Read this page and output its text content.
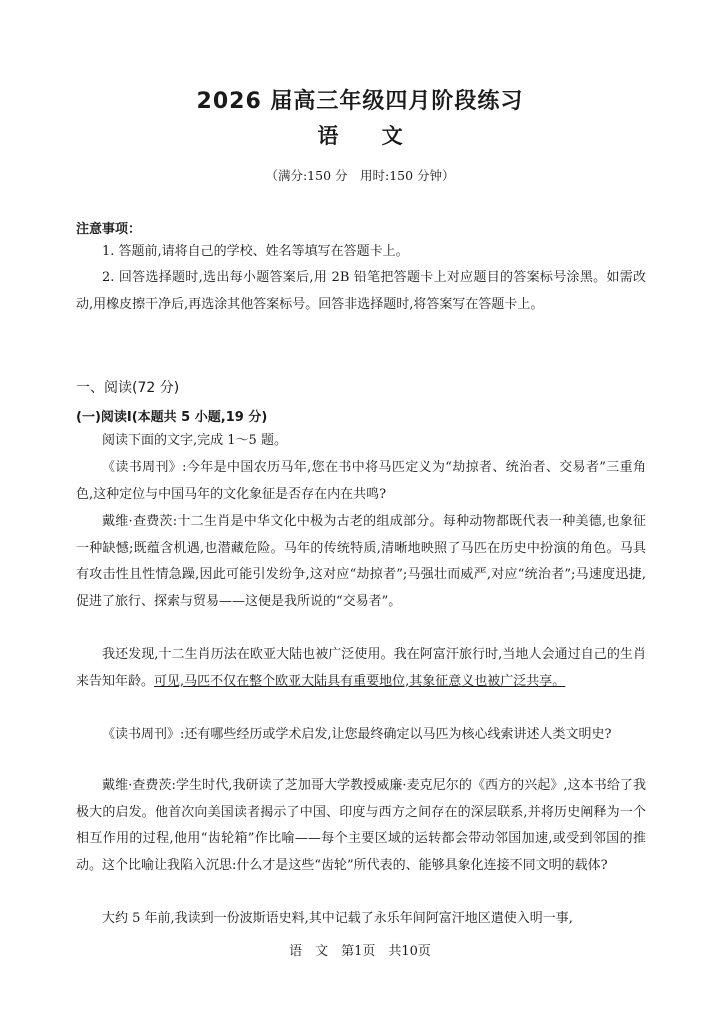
2026 届高三年级四月阶段练习
语 文
（满分:150 分　用时:150 分钟）
注意事项：

1. 答题前,请将自己的学校、姓名等填写在答题卡上。

2. 回答选择题时,选出每小题答案后,用 2B 铅笔把答题卡上对应题目的答案标号涂黑。如需改动,用橡皮擦干净后,再选涂其他答案标号。回答非选择题时,将答案写在答题卡上。

一、阅读(72 分)
(一)阅读Ⅰ(本题共 5 小题,19 分)

阅读下面的文字,完成 1～5 题。

《读书周刊》:今年是中国农历马年,您在书中将马匹定义为“劫掠者、统治者、交易者”三重角色,这种定位与中国马年的文化象征是否存在内在共鸣?

戴维·查费茨:十二生肖是中华文化中极为古老的组成部分。每种动物都既代表一种美德,也象征一种缺憾;既蕴含机遇,也潜藏危险。马年的传统特质,清晰地映照了马匹在历史中扮演的角色。马具有攻击性且性情急躁,因此可能引发纷争,这对应“劫掠者”;马强壮而威严,对应“统治者”;马速度迅捷,促进了旅行、探索与贸易——这便是我所说的“交易者”。

我还发现,十二生肖历法在欧亚大陆也被广泛使用。我在阿富汗旅行时,当地人会通过自己的生肖来告知年龄。可见,马匹不仅在整个欧亚大陆具有重要地位,其象征意义也被广泛共享。

《读书周刊》:还有哪些经历或学术启发,让您最终确定以马匹为核心线索讲述人类文明史?

戴维·查费茨:学生时代,我研读了芝加哥大学教授威廉·麦克尼尔的《西方的兴起》,这本书给了我极大的启发。他首次向美国读者揭示了中国、印度与西方之间存在的深层联系,并将历史阐释为一个相互作用的过程,他用“齿轮箱”作比喻——每个主要区域的运转都会带动邻国加速,或受到邻国的推动。这个比喻让我陷入沉思:什么才是这些“齿轮”所代表的、能够具象化连接不同文明的载体?

大约 5 年前,我读到一份波斯语史料,其中记载了永乐年间阿富汗地区遣使入明一事,

语　文　第1页　共10页
